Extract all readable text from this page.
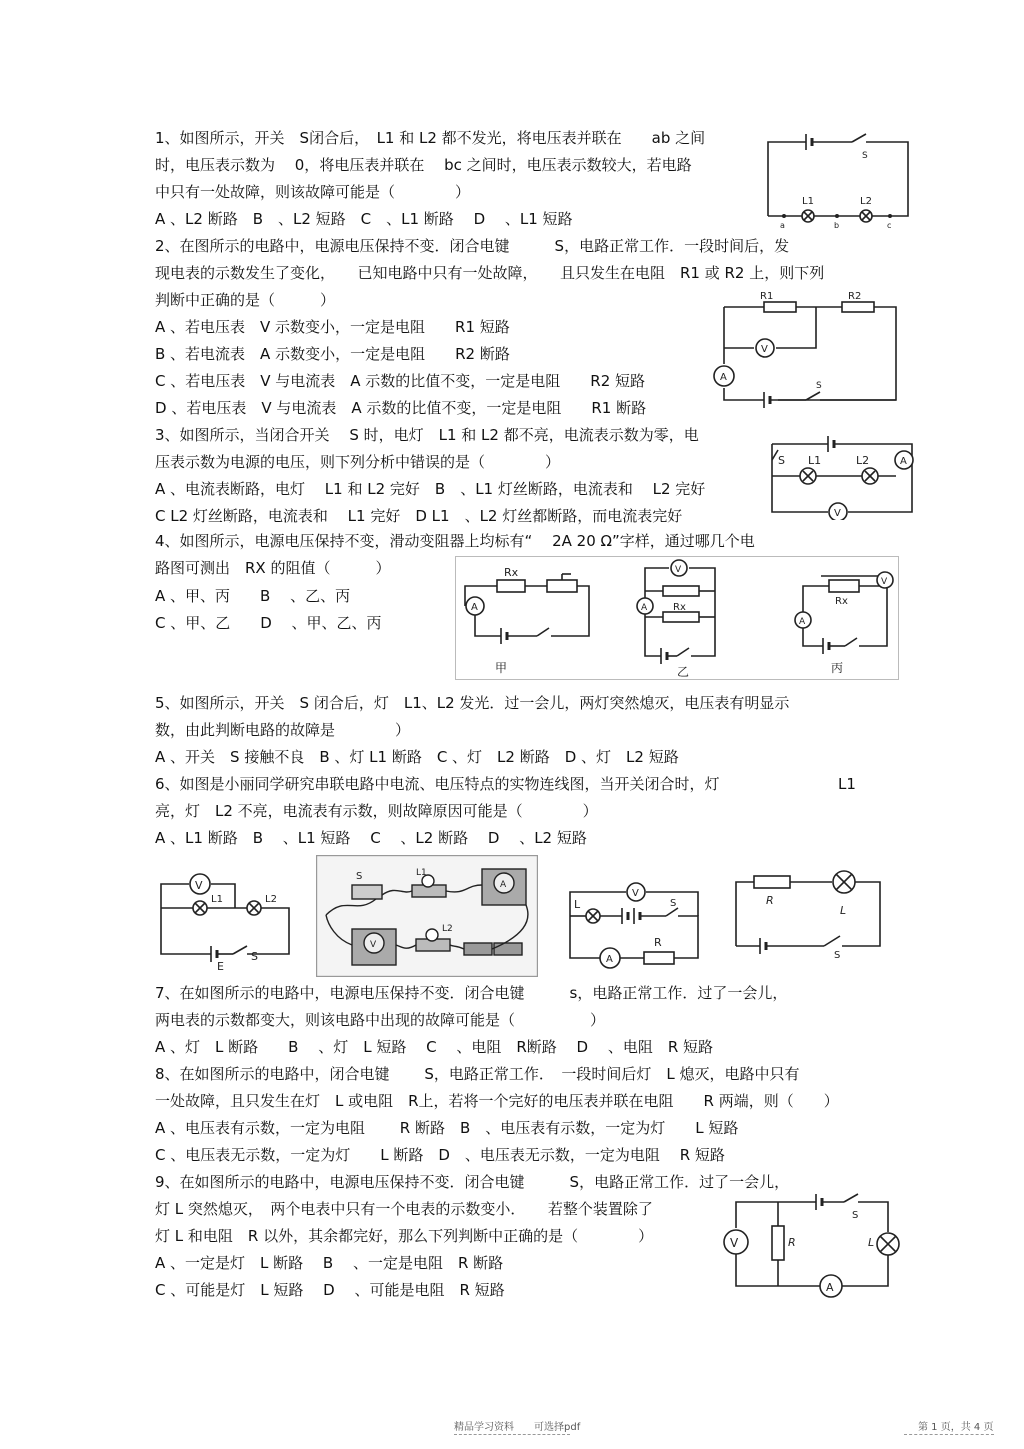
1、如图所示，开关　S闭合后，　L1 和 L2 都不发光，将电压表并联在　　ab 之间
时，电压表示数为　 0，将电压表并联在　 bc 之间时，电压表示数较大，若电路
中只有一处故障，则该故障可能是（　　　　）
A 、L2 断路　B　、L2 短路　C　、L1 断路　 D　 、L1 短路
2、在图所示的电路中，电源电压保持不变．闭合电键　　　S，电路正常工作．一段时间后，发
现电表的示数发生了变化，　　已知电路中只有一处故障，　　且只发生在电阻　R1 或 R2 上，则下列
判断中正确的是（　　　）
A 、若电压表　V 示数变小，一定是电阻　　R1 短路
B 、若电流表　A 示数变小，一定是电阻　　R2 断路
C 、若电压表　V 与电流表　A 示数的比值不变，一定是电阻　　R2 短路
D 、若电压表　V 与电流表　A 示数的比值不变，一定是电阻　　R1 断路
3、如图所示，当闭合开关　 S 时，电灯　L1 和 L2 都不亮，电流表示数为零，电
压表示数为电源的电压，则下列分析中错误的是（　　　　）
A 、电流表断路，电灯　 L1 和 L2 完好　B　、L1 灯丝断路，电流表和　 L2 完好
C L2 灯丝断路，电流表和　 L1 完好　D L1　、L2 灯丝都断路，而电流表完好
4、如图所示，电源电压保持不变，滑动变阻器上均标有“　 2A 20 Ω”字样，通过哪几个电
路图可测出　RX 的阻值（　　　）
A 、甲、丙　　B　 、乙、丙
C 、甲、乙　　D　 、甲、乙、丙
5、如图所示，开关　S 闭合后，灯　L1、L2 发光．过一会儿，两灯突然熄灭，电压表有明显示
数，由此判断电路的故障是　　　　）
A 、开关　S 接触不良　B 、灯 L1 断路　C 、灯　L2 断路　D 、灯　L2 短路
6、如图是小丽同学研究串联电路中电流、电压特点的实物连线图，当开关闭合时，灯	L1
亮，灯　L2 不亮，电流表有示数，则故障原因可能是（　　　　）
A 、L1 断路　B　 、L1 短路　 C　 、L2 断路　 D　 、L2 短路
7、在如图所示的电路中，电源电压保持不变．闭合电键　　　s，电路正常工作．过了一会儿，
两电表的示数都变大，则该电路中出现的故障可能是（　　　　　）
A 、灯　L 断路　　B　 、灯　L 短路　 C　 、电阻　R断路　 D　 、电阻　R 短路
8、在如图所示的电路中，闭合电键　　 S，电路正常工作．　一段时间后灯　L 熄灭，电路中只有
一处故障，且只发生在灯　L 或电阻　R上，若将一个完好的电压表并联在电阻　　R 两端，则（　　）
A 、电压表有示数，一定为电阻　　 R 断路　B　、电压表有示数，一定为灯　　L 短路
C 、电压表无示数，一定为灯　　L 断路　D　、电压表无示数，一定为电阻　 R 短路
9、在如图所示的电路中，电源电压保持不变．闭合电键　　　S，电路正常工作．过了一会儿，
灯 L 突然熄灭，　两个电表中只有一个电表的示数变小．　　若整个装置除了
灯 L 和电阻　R 以外，其余都完好，那么下列判断中正确的是（　　　　）
A 、一定是灯　L 断路　 B　 、一定是电阻　R 断路
C 、可能是灯　L 短路　 D　 、可能是电阻　R 短路
S
L1	L2
a	b	c
R1	R2
V
A
S
S L1	L2	A
V
Rx
A
甲
V
A	Rx
乙
V
A
Rx
丙
V
L1	L2
E
S
S	L1
L2
V
A
V
L	S
A
R
R
L
S
V	R
S
L
A
精品学习资料　　可选择pdf	第 1 页，共 4 页
